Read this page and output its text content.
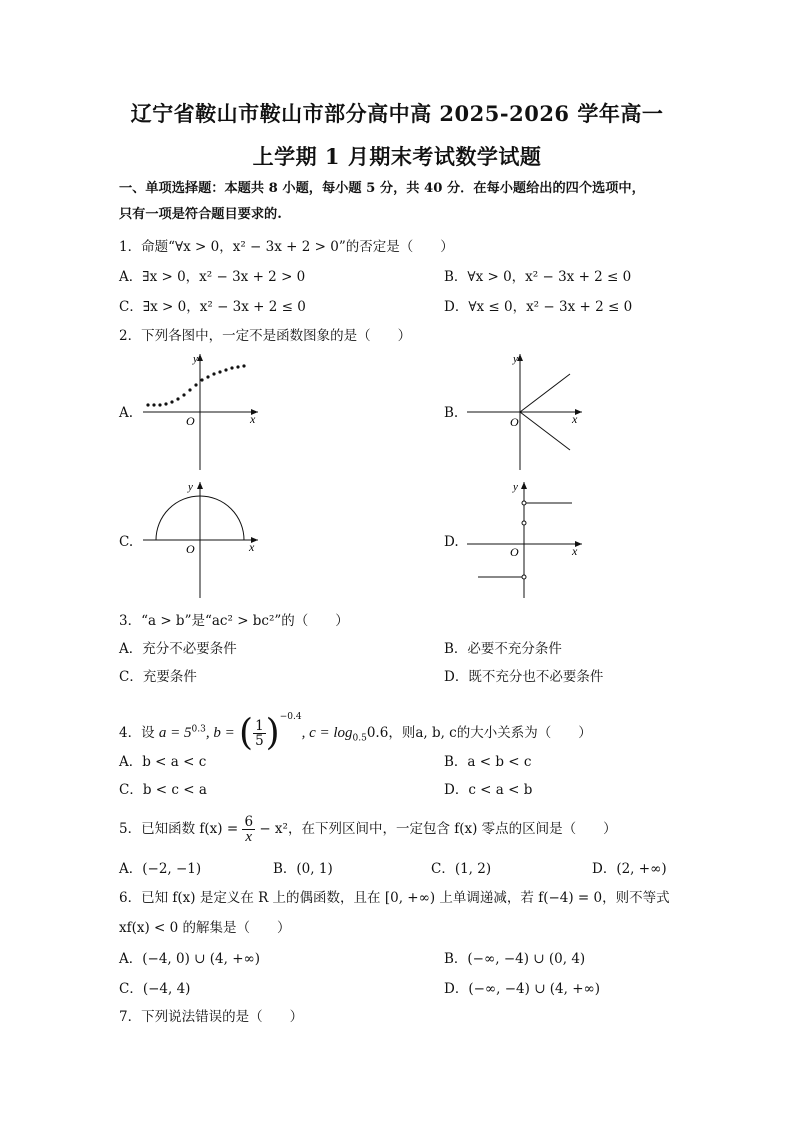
辽宁省鞍山市鞍山市部分高中高 2025-2026 学年高一
上学期 1 月期末考试数学试题
一、单项选择题：本题共 8 小题，每小题 5 分，共 40 分．在每小题给出的四个选项中，
只有一项是符合题目要求的.
1．命题“∀x > 0，x² − 3x + 2 > 0”的否定是（　　）
A．∃x > 0，x² − 3x + 2 > 0	B．∀x > 0，x² − 3x + 2 ≤ 0
C．∃x > 0，x² − 3x + 2 ≤ 0	D．∀x ≤ 0，x² − 3x + 2 ≤ 0
2．下列各图中，一定不是函数图象的是（　　）
A.
y
x
O	B.
y
x
O
C.
y
x
O	D.
y
x
O
3．“a > b”是“ac² > bc²”的（　　）
A．充分不必要条件	B．必要不充分条件
C．充要条件	D．既不充分也不必要条件
4．设 $a = 5^{0.3}$, b = ( $\frac{1}{5} )^{-0.4}$, $c = \log_{0.5}0.6$，则a, b, c的大小关系为（　　）
A．b < a < c	B．a < b < c
C．b < c < a	D．c < a < b
5．已知函数 $f(x) = \frac{6}{x} - x^2$，在下列区间中，一定包含 f(x) 零点的区间是（　　）
A．(−2, −1)	B．(0, 1)	C．(1, 2)	D．(2, +∞)
6．已知 f(x) 是定义在 R 上的偶函数，且在 [0, +∞) 上单调递减，若 f(−4) = 0，则不等式
xf(x) < 0 的解集是（　　）
A．(−4, 0) ∪ (4, +∞)	B．(−∞, −4) ∪ (0, 4)
C．(−4, 4)	D．(−∞, −4) ∪ (4, +∞)
7．下列说法错误的是（　　）
